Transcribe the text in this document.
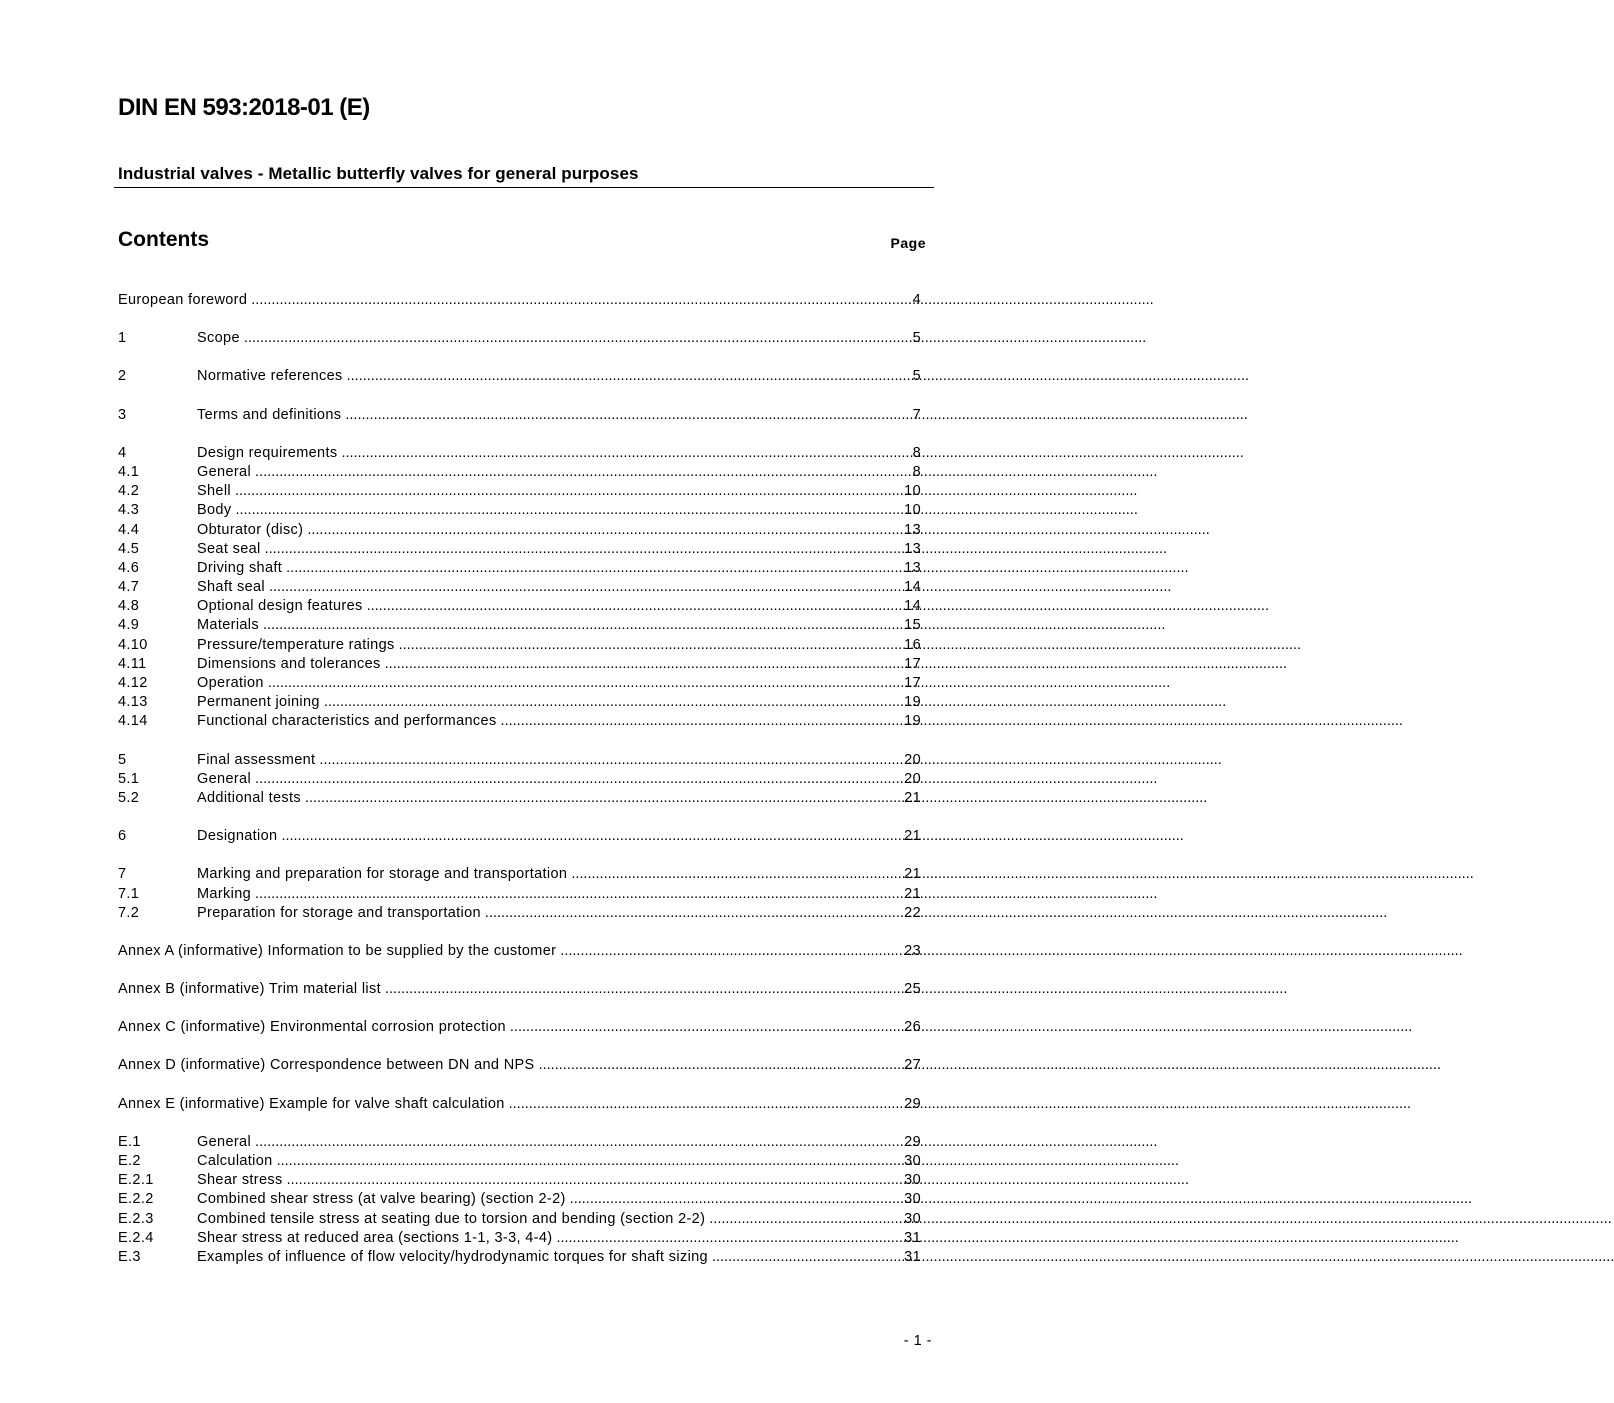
DIN EN 593:2018-01 (E)
Industrial valves - Metallic butterfly valves for general purposes
Contents	Page
European foreword .....	4
1	Scope .....	5
2	Normative references .....	5
3	Terms and definitions .....	7
4	Design requirements .....	8
4.1	General .....	8
4.2	Shell .....	10
4.3	Body .....	10
4.4	Obturator (disc) .....	13
4.5	Seat seal .....	13
4.6	Driving shaft .....	13
4.7	Shaft seal .....	14
4.8	Optional design features .....	14
4.9	Materials .....	15
4.10	Pressure/temperature ratings .....	16
4.11	Dimensions and tolerances .....	17
4.12	Operation .....	17
4.13	Permanent joining .....	19
4.14	Functional characteristics and performances .....	19
5	Final assessment .....	20
5.1	General .....	20
5.2	Additional tests .....	21
6	Designation .....	21
7	Marking and preparation for storage and transportation .....	21
7.1	Marking .....	21
7.2	Preparation for storage and transportation .....	22
Annex A (informative) Information to be supplied by the customer .....	23
Annex B (informative) Trim material list .....	25
Annex C (informative) Environmental corrosion protection .....	26
Annex D (informative) Correspondence between DN and NPS .....	27
Annex E (informative) Example for valve shaft calculation .....	29
E.1	General .....	29
E.2	Calculation .....	30
E.2.1	Shear stress .....	30
E.2.2	Combined shear stress (at valve bearing) (section 2-2) .....	30
E.2.3	Combined tensile stress at seating due to torsion and bending (section 2-2) .....	30
E.2.4	Shear stress at reduced area (sections 1-1, 3-3, 4-4) .....	31
E.3	Examples of influence of flow velocity/hydrodynamic torques for shaft sizing .....	31
- 1 -
